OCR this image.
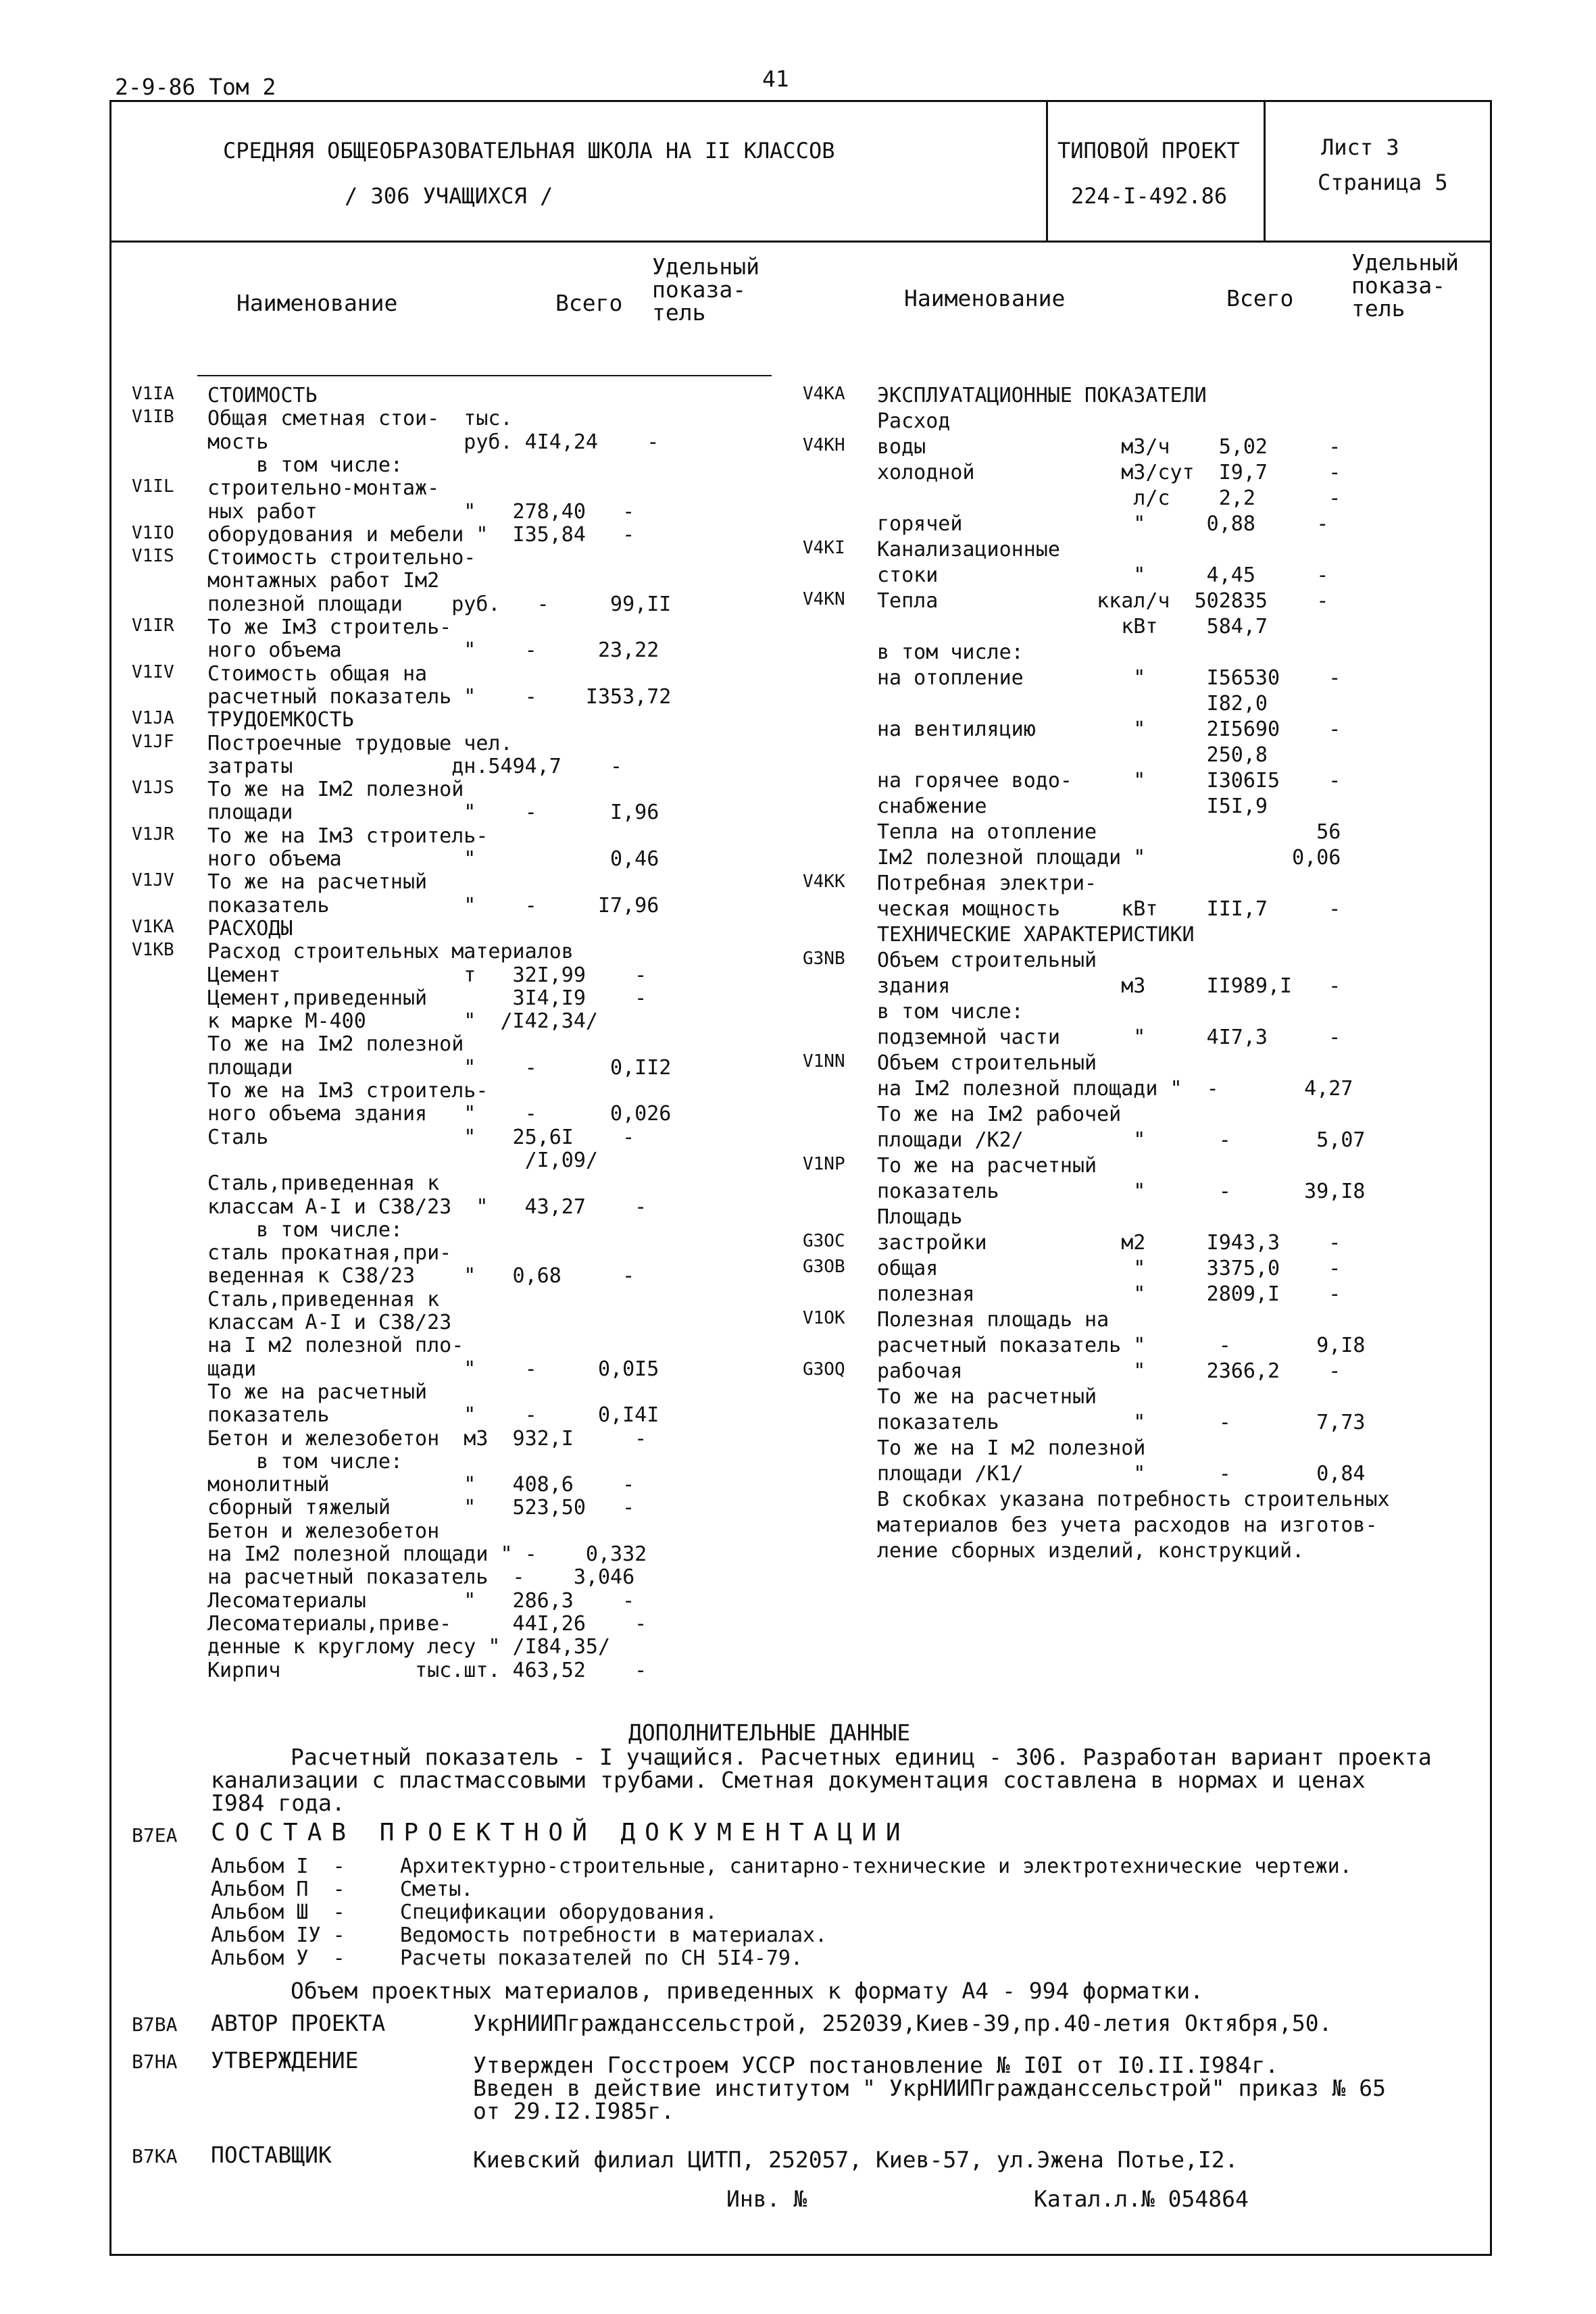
2-9-86 Том 2	41
СРЕДНЯЯ ОБЩЕОБРАЗОВАТЕЛЬНАЯ ШКОЛА НА II КЛАССОВ
/ 306 УЧАЩИХСЯ /
ТИПОВОЙ ПРОЕКТ
224-I-492.86
Лист 3
Страница 5
Наименование	Всего
Удельный
показа-
тель
Наименование	Всего
Удельный
показа-
тель

V1IA СТОИМОСТЬ
V1IB Общая сметная стои-  тыс.
мость                руб. 4I4,24    -
в том числе:
V1IL строительно-монтаж-
ных работ            "   278,40   -
V1IO оборудования и мебели "  I35,84   -
V1IS Стоимость строительно-
монтажных работ Iм2
полезной площади    руб.   -     99,II
V1IR То же Iм3 строитель-
ного объема          "    -     23,22
V1IV Стоимость общая на
расчетный показатель "    -    I353,72
V1JA ТРУДОЕМКОСТЬ
V1JF Построечные трудовые чел.
затраты             дн.5494,7    -
V1JS То же на Iм2 полезной
площади              "    -      I,96
V1JR То же на Iм3 строитель-
ного объема          "           0,46
V1JV То же на расчетный
показатель           "    -     I7,96
V1KA РАСХОДЫ
V1KB Расход строительных материалов
Цемент               т   32I,99    -
Цемент,приведенный       3I4,I9    -
к марке М-400        "  /I42,34/
То же на Iм2 полезной
площади              "    -      0,II2
То же на Iм3 строитель-
ного объема здания   "    -      0,026
Сталь                "   25,6I    -
/I,09/
Сталь,приведенная к
классам А-I и С38/23  "   43,27    -
в том числе:
сталь прокатная,при-
веденная к С38/23    "   0,68     -
Сталь,приведенная к
классам А-I и С38/23
на I м2 полезной пло-
щади                 "    -     0,0I5
То же на расчетный
показатель           "    -     0,I4I
Бетон и железобетон  м3  932,I     -
в том числе:
монолитный           "   408,6    -
сборный тяжелый      "   523,50   -
Бетон и железобетон
на Iм2 полезной площади " -    0,332
на расчетный показатель  -    3,046
Лесоматериалы        "   286,3    -
Лесоматериалы,приве-     44I,26    -
денные к круглому лесу " /I84,35/
Кирпич           тыс.шт. 463,52    -

V4KA ЭКСПЛУАТАЦИОННЫЕ ПОКАЗАТЕЛИ
Расход
V4KH воды                м3/ч    5,02     -
холодной            м3/сут  I9,7     -
л/с    2,2      -
горячей              "     0,88     -
V4KI Канализационные
стоки                "     4,45     -
V4KN Тепла             ккал/ч  502835    -
кВт    584,7
в том числе:
на отопление         "     I56530    -
I82,0
на вентиляцию        "     2I5690    -
250,8
на горячее водо-     "     I306I5    -
снабжение                  I5I,9
Тепла на отопление                  56
Iм2 полезной площади "            0,06
V4KK Потребная электри-
ческая мощность     кВт    III,7     -
ТЕХНИЧЕСКИЕ ХАРАКТЕРИСТИКИ
G3NB Объем строительный
здания              м3     II989,I   -
в том числе:
подземной части      "     4I7,3     -
V1NN Объем строительный
на Iм2 полезной площади "  -       4,27
То же на Iм2 рабочей
площади /K2/         "      -       5,07
V1NP То же на расчетный
показатель           "      -      39,I8
Площадь
G3OC застройки           м2     I943,3    -
G3OB общая                "     3375,0    -
полезная             "     2809,I    -
V1OK Полезная площадь на
расчетный показатель "      -       9,I8
G3OQ рабочая              "     2366,2    -
То же на расчетный
показатель           "      -       7,73
То же на I м2 полезной
площади /K1/         "      -       0,84
В скобках указана потребность строительных
материалов без учета расходов на изготов-
ление сборных изделий, конструкций.

ДОПОЛНИТЕЛЬНЫЕ ДАННЫЕ
Расчетный показатель - I учащийся. Расчетных единиц - 306. Разработан вариант проекта
канализации с пластмассовыми трубами. Сметная документация составлена в нормах и ценах
I984 года.
B7EA СОСТАВ ПРОЕКТНОЙ ДОКУМЕНТАЦИИ

Альбом I  -	Архитектурно-строительные, санитарно-технические и электротехнические чертежи.
Альбом П  -	Сметы.
Альбом Ш  -	Спецификации оборудования.
Альбом IУ -	Ведомость потребности в материалах.
Альбом У  -	Расчеты показателей по СН 5I4-79.

Объем проектных материалов, приведенных к формату А4 - 994 форматки.
B7BA АВТОР ПРОЕКТА	УкрНИИПгражданссельстрой, 252039,Киев-39,пр.40-летия Октября,50.
B7HA УТВЕРЖДЕНИЕ	Утвержден Госстроем УССР постановление № I0I от I0.II.I984г.
Введен в действие институтом " УкрНИИПгражданссельстрой" приказ № 65
от 29.I2.I985г.
B7KA ПОСТАВЩИК	Киевский филиал ЦИТП, 252057, Киев-57, ул.Эжена Потье,I2.
Инв. №	Катал.л.№ 054864
